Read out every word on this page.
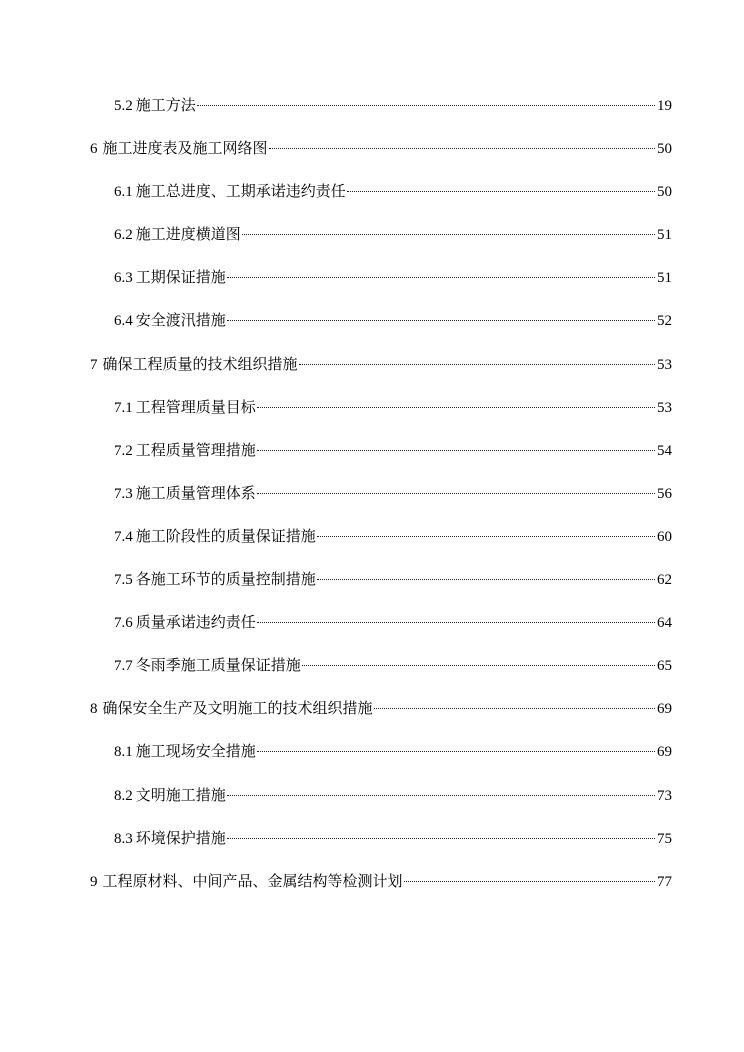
5.2 施工方法	19
6 施工进度表及施工网络图	50
6.1 施工总进度、工期承诺违约责任	50
6.2 施工进度横道图	51
6.3 工期保证措施	51
6.4 安全渡汛措施	52
7 确保工程质量的技术组织措施	53
7.1 工程管理质量目标	53
7.2 工程质量管理措施	54
7.3 施工质量管理体系	56
7.4 施工阶段性的质量保证措施	60
7.5 各施工环节的质量控制措施	62
7.6 质量承诺违约责任	64
7.7 冬雨季施工质量保证措施	65
8 确保安全生产及文明施工的技术组织措施	69
8.1 施工现场安全措施	69
8.2 文明施工措施	73
8.3 环境保护措施	75
9 工程原材料、中间产品、金属结构等检测计划	77
